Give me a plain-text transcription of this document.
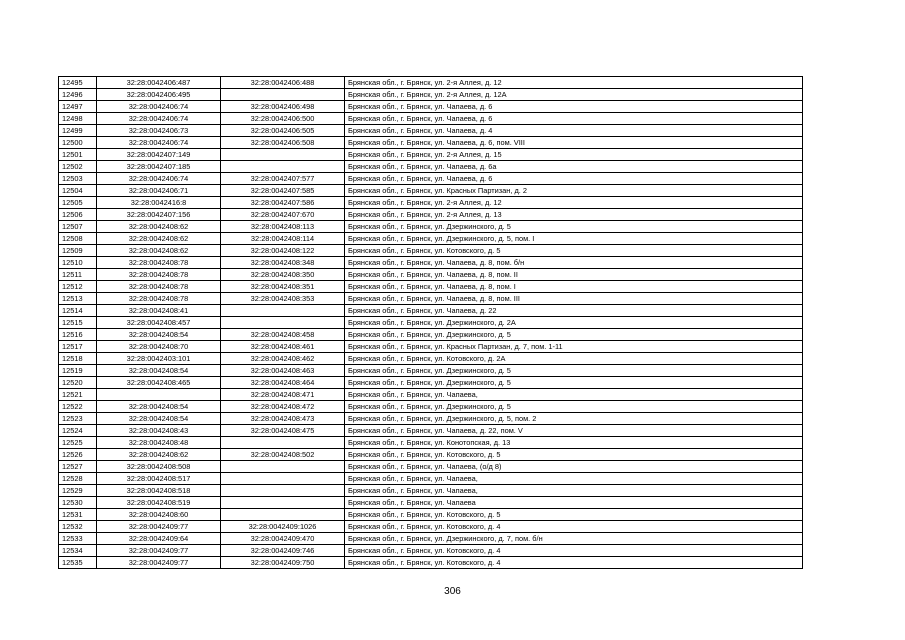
12495	32:28:0042406:487	32:28:0042406:488	Брянская обл., г. Брянск, ул. 2-я Аллея, д. 12
12496	32:28:0042406:495		Брянская обл., г. Брянск, ул. 2-я Аллея, д. 12А
12497	32:28:0042406:74	32:28:0042406:498	Брянская обл., г. Брянск, ул. Чапаева, д. 6
12498	32:28:0042406:74	32:28:0042406:500	Брянская обл., г. Брянск, ул. Чапаева, д. 6
12499	32:28:0042406:73	32:28:0042406:505	Брянская обл., г. Брянск, ул. Чапаева, д. 4
12500	32:28:0042406:74	32:28:0042406:508	Брянская обл., г. Брянск, ул. Чапаева, д. 6, пом. VIII
12501	32:28:0042407:149		Брянская обл., г. Брянск, ул. 2-я Аллея, д. 15
12502	32:28:0042407:185		Брянская обл., г. Брянск, ул. Чапаева, д. 6а
12503	32:28:0042406:74	32:28:0042407:577	Брянская обл., г. Брянск, ул. Чапаева, д. 6
12504	32:28:0042406:71	32:28:0042407:585	Брянская обл., г. Брянск, ул. Красных Партизан, д. 2
12505	32:28:0042416:8	32:28:0042407:586	Брянская обл., г. Брянск, ул. 2-я Аллея, д. 12
12506	32:28:0042407:156	32:28:0042407:670	Брянская обл., г. Брянск, ул. 2-я Аллея, д. 13
12507	32:28:0042408:62	32:28:0042408:113	Брянская обл., г. Брянск, ул. Дзержинского, д. 5
12508	32:28:0042408:62	32:28:0042408:114	Брянская обл., г. Брянск, ул. Дзержинского, д. 5, пом. I
12509	32:28:0042408:62	32:28:0042408:122	Брянская обл., г. Брянск, ул. Котовского, д. 5
12510	32:28:0042408:78	32:28:0042408:348	Брянская обл., г. Брянск, ул. Чапаева, д. 8, пом. б/н
12511	32:28:0042408:78	32:28:0042408:350	Брянская обл., г. Брянск, ул. Чапаева, д. 8, пом. II
12512	32:28:0042408:78	32:28:0042408:351	Брянская обл., г. Брянск, ул. Чапаева, д. 8, пом. I
12513	32:28:0042408:78	32:28:0042408:353	Брянская обл., г. Брянск, ул. Чапаева, д. 8, пом. III
12514	32:28:0042408:41		Брянская обл., г. Брянск, ул. Чапаева, д. 22
12515	32:28:0042408:457		Брянская обл., г. Брянск, ул. Дзержинского, д. 2А
12516	32:28:0042408:54	32:28:0042408:458	Брянская обл., г. Брянск, ул. Дзержинского, д. 5
12517	32:28:0042408:70	32:28:0042408:461	Брянская обл., г. Брянск, ул. Красных Партизан, д. 7, пом. 1-11
12518	32:28:0042403:101	32:28:0042408:462	Брянская обл., г. Брянск, ул. Котовского, д. 2А
12519	32:28:0042408:54	32:28:0042408:463	Брянская обл., г. Брянск, ул. Дзержинского, д. 5
12520	32:28:0042408:465	32:28:0042408:464	Брянская обл., г. Брянск, ул. Дзержинского, д. 5
12521		32:28:0042408:471	Брянская обл., г. Брянск, ул. Чапаева,
12522	32:28:0042408:54	32:28:0042408:472	Брянская обл., г. Брянск, ул. Дзержинского, д. 5
12523	32:28:0042408:54	32:28:0042408:473	Брянская обл., г. Брянск, ул. Дзержинского, д. 5, пом. 2
12524	32:28:0042408:43	32:28:0042408:475	Брянская обл., г. Брянск, ул. Чапаева, д. 22, пом. V
12525	32:28:0042408:48		Брянская обл., г. Брянск, ул. Конотопская, д. 13
12526	32:28:0042408:62	32:28:0042408:502	Брянская обл., г. Брянск, ул. Котовского, д. 5
12527	32:28:0042408:508		Брянская обл., г. Брянск, ул. Чапаева, (о/д 8)
12528	32:28:0042408:517		Брянская обл., г. Брянск, ул. Чапаева,
12529	32:28:0042408:518		Брянская обл., г. Брянск, ул. Чапаева,
12530	32:28:0042408:519		Брянская обл., г. Брянск, ул. Чапаева
12531	32:28:0042408:60		Брянская обл., г. Брянск, ул. Котовского, д. 5
12532	32:28:0042409:77	32:28:0042409:1026	Брянская обл., г. Брянск, ул. Котовского, д. 4
12533	32:28:0042409:64	32:28:0042409:470	Брянская обл., г. Брянск, ул. Дзержинского, д. 7, пом. б/н
12534	32:28:0042409:77	32:28:0042409:746	Брянская обл., г. Брянск, ул. Котовского, д. 4
12535	32:28:0042409:77	32:28:0042409:750	Брянская обл., г. Брянск, ул. Котовского, д. 4
306
